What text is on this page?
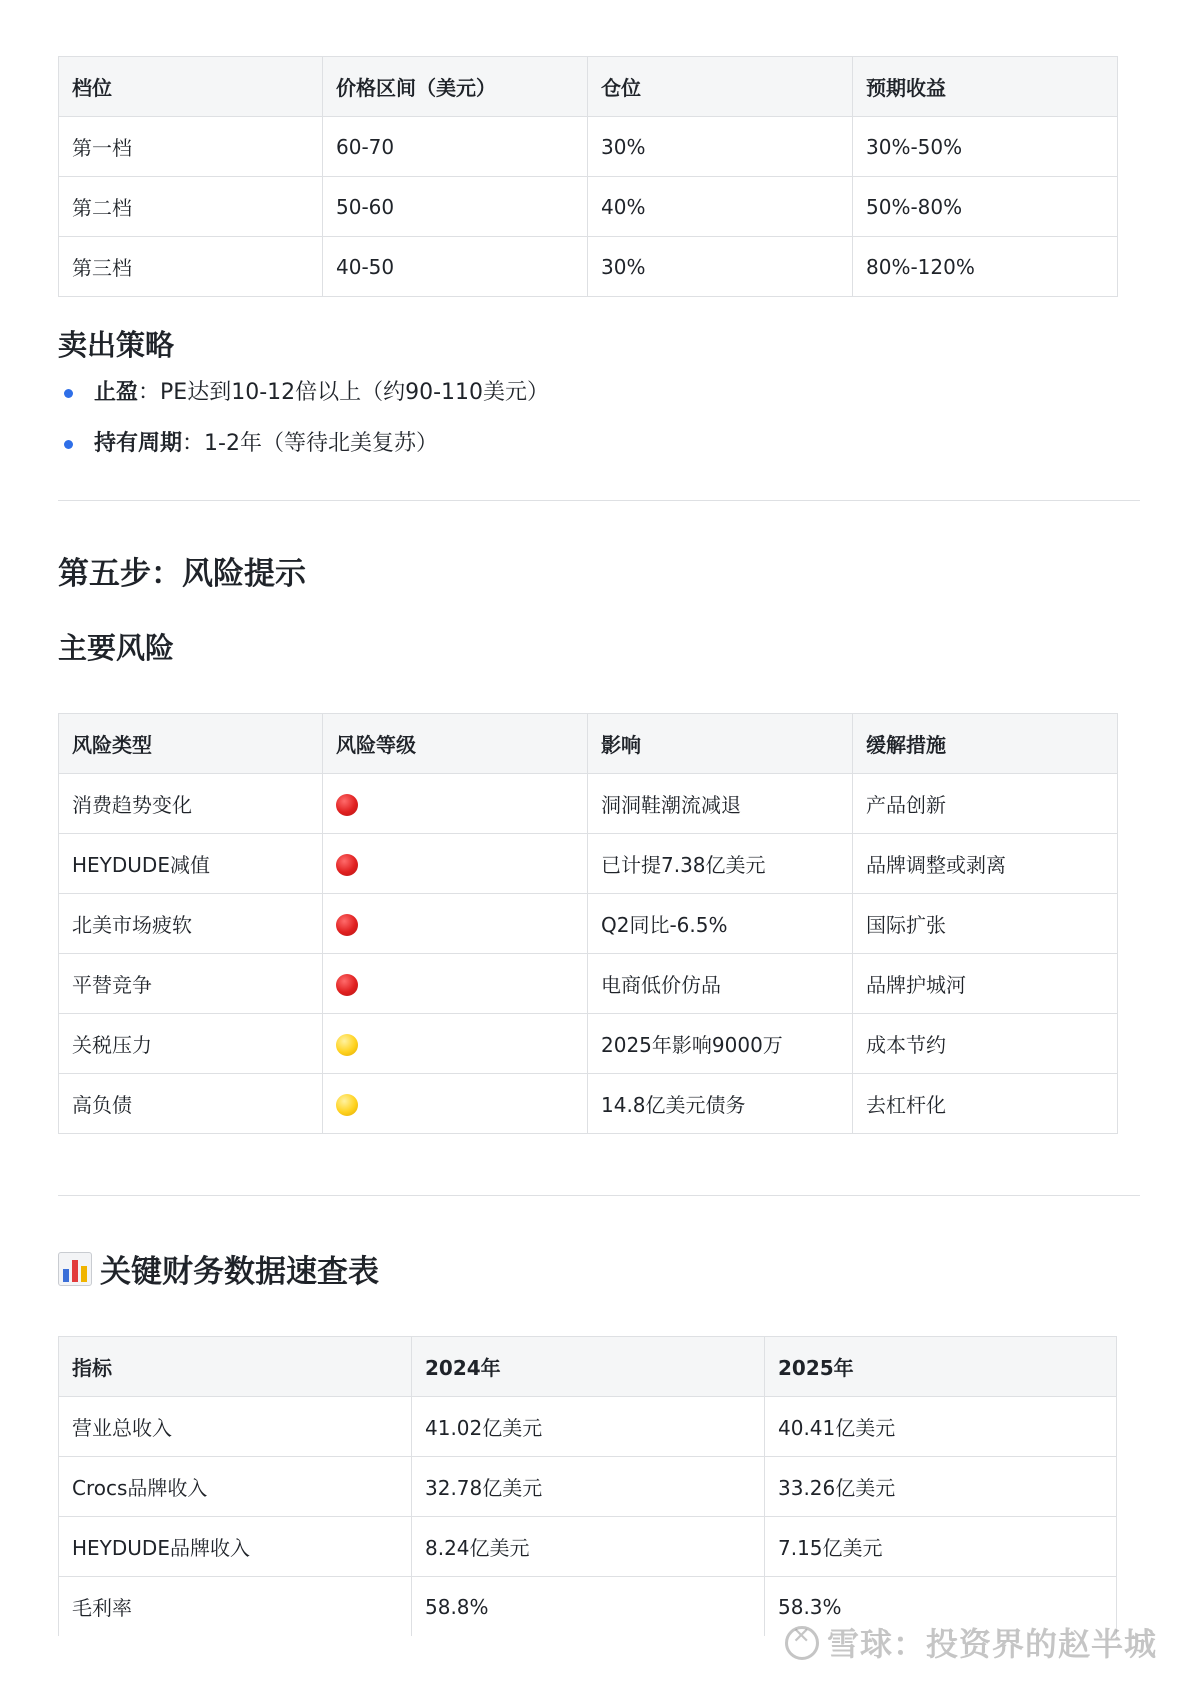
档位	价格区间（美元）	仓位	预期收益
第一档	60-70	30%	30%-50%
第二档	50-60	40%	50%-80%
第三档	40-50	30%	80%-120%
卖出策略
止盈：PE达到10-12倍以上（约90-110美元）
持有周期：1-2年（等待北美复苏）
第五步：风险提示
主要风险
风险类型	风险等级	影响	缓解措施
消费趋势变化		洞洞鞋潮流减退	产品创新
HEYDUDE减值		已计提7.38亿美元	品牌调整或剥离
北美市场疲软		Q2同比-6.5%	国际扩张
平替竞争		电商低价仿品	品牌护城河
关税压力		2025年影响9000万	成本节约
高负债		14.8亿美元债务	去杠杆化
关键财务数据速查表
指标	2024年	2025年
营业总收入	41.02亿美元	40.41亿美元
Crocs品牌收入	32.78亿美元	33.26亿美元
HEYDUDE品牌收入	8.24亿美元	7.15亿美元
毛利率	58.8%	58.3%
✕雪球：投资界的赵半城
